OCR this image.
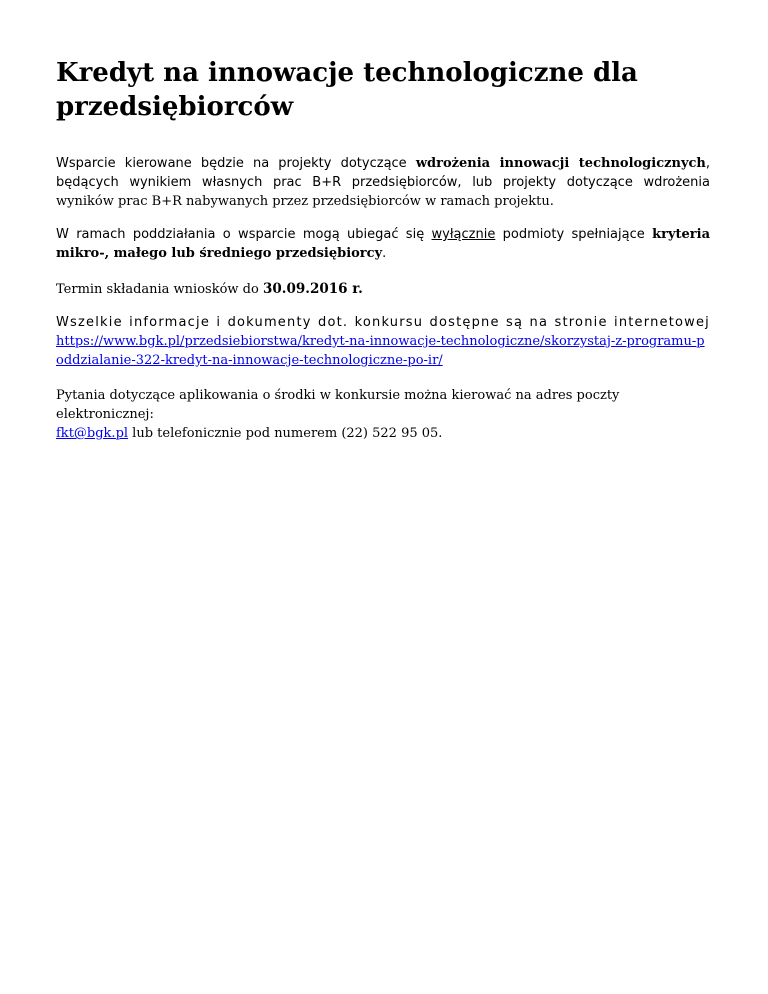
Kredyt na innowacje technologiczne dla przedsiębiorców

Wsparcie kierowane będzie na projekty dotyczące wdrożenia innowacji technologicznych, będących wynikiem własnych prac B+R przedsiębiorców, lub projekty dotyczące wdrożenia wyników prac B+R nabywanych przez przedsiębiorców w ramach projektu.

W ramach poddziałania o wsparcie mogą ubiegać się wyłącznie podmioty spełniające kryteria mikro-, małego lub średniego przedsiębiorcy.

Termin składania wniosków do 30.09.2016 r.

Wszelkie informacje i dokumenty dot. konkursu dostępne są na stronie internetowej
https://www.bgk.pl/przedsiebiorstwa/kredyt-na-innowacje-technologiczne/skorzystaj-z-programu-poddzialanie-322-kredyt-na-innowacje-technologiczne-po-ir/

Pytania dotyczące aplikowania o środki w konkursie można kierować na adres poczty elektronicznej:
fkt@bgk.pl lub telefonicznie pod numerem (22) 522 95 05.
